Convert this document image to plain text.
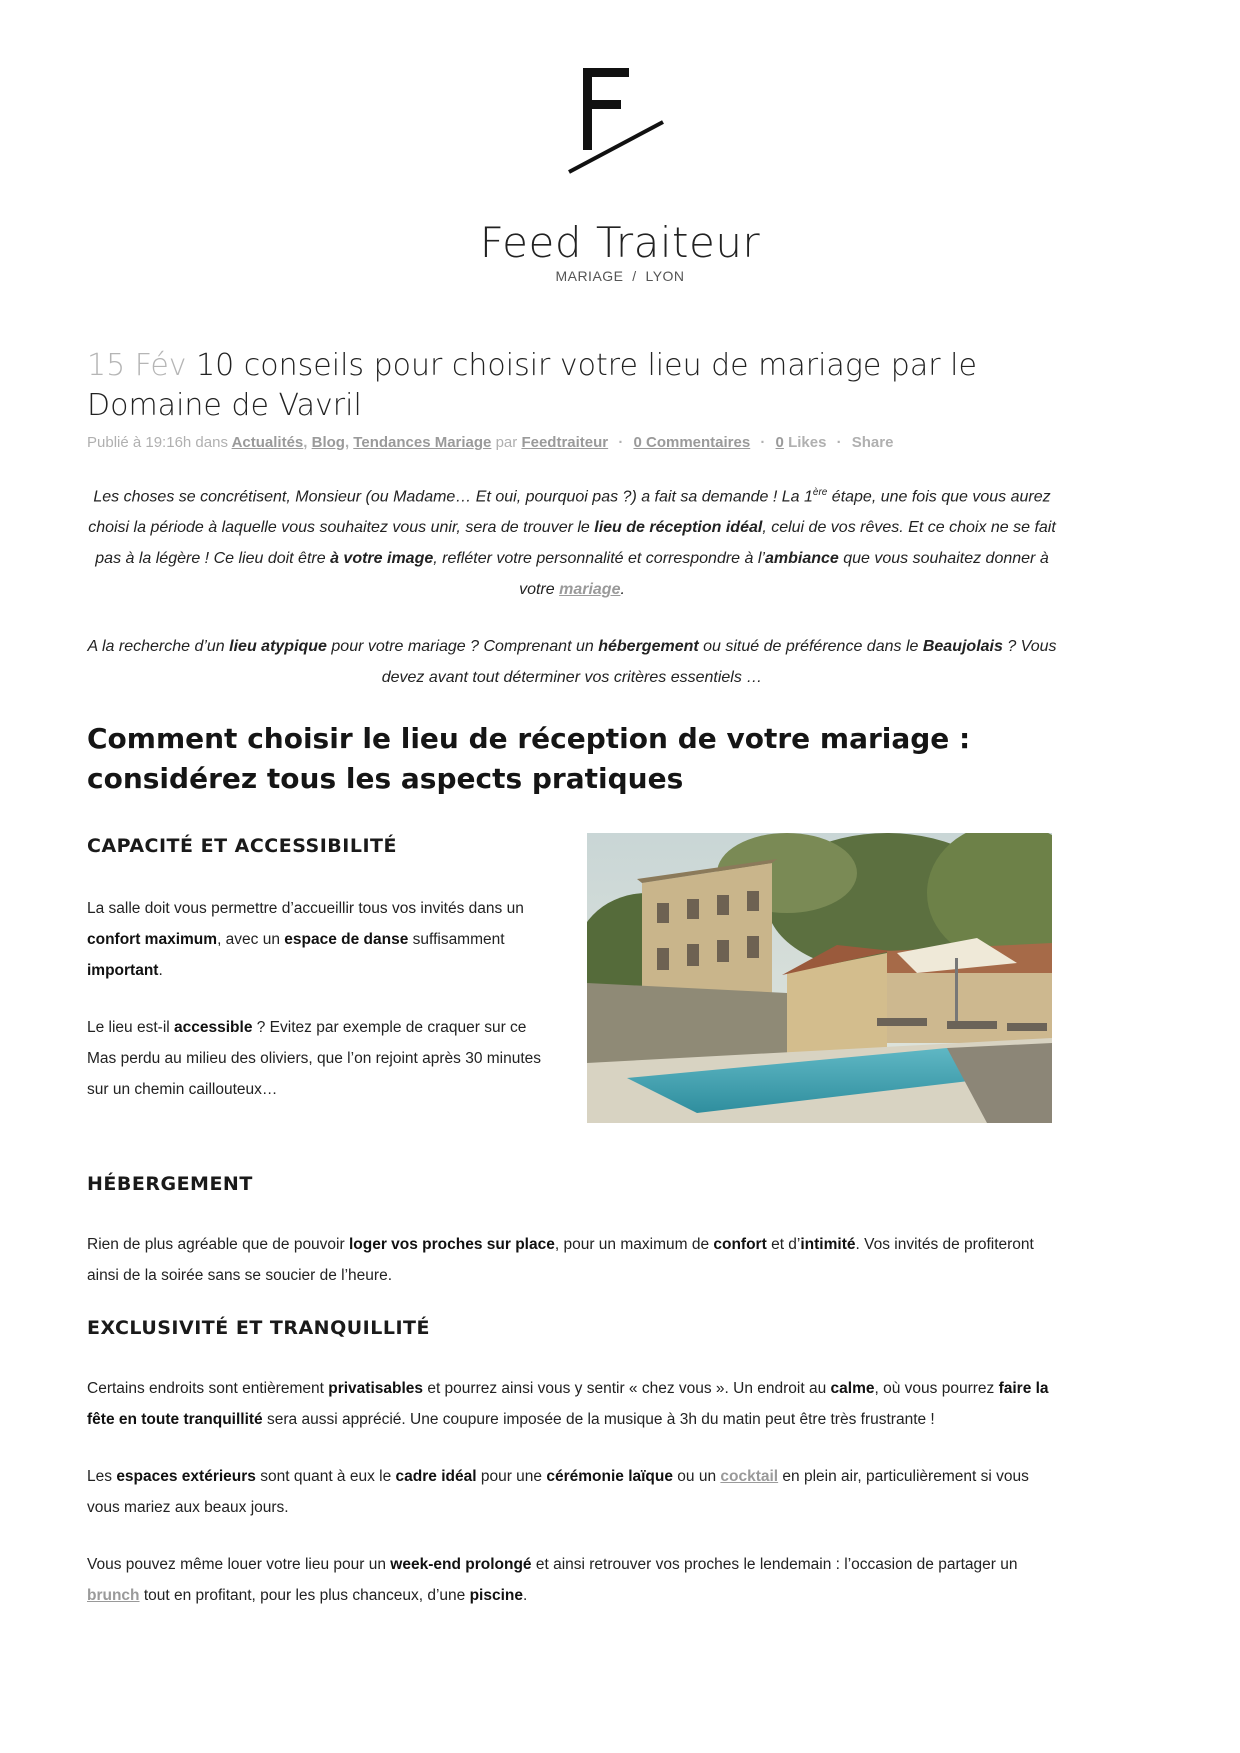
Feed Traiteur
MARIAGE  /  LYON
15 Fév 10 conseils pour choisir votre lieu de mariage par le Domaine de Vavril
Publié à 19:16h dans Actualités, Blog, Tendances Mariage par Feedtraiteur · 0 Commentaires · 0 Likes · Share

Les choses se concrétisent, Monsieur (ou Madame… Et oui, pourquoi pas ?) a fait sa demande ! La 1ère étape, une fois que vous aurez choisi la période à laquelle vous souhaitez vous unir, sera de trouver le lieu de réception idéal, celui de vos rêves. Et ce choix ne se fait pas à la légère ! Ce lieu doit être à votre image, refléter votre personnalité et correspondre à l’ambiance que vous souhaitez donner à votre mariage.

A la recherche d’un lieu atypique pour votre mariage ? Comprenant un hébergement ou situé de préférence dans le Beaujolais ? Vous devez avant tout déterminer vos critères essentiels …

Comment choisir le lieu de réception de votre mariage : considérez tous les aspects pratiques
CAPACITÉ ET ACCESSIBILITÉ

La salle doit vous permettre d’accueillir tous vos invités dans un confort maximum, avec un espace de danse suffisamment important.

Le lieu est-il accessible ? Evitez par exemple de craquer sur ce Mas perdu au milieu des oliviers, que l’on rejoint après 30 minutes sur un chemin caillouteux…

HÉBERGEMENT

Rien de plus agréable que de pouvoir loger vos proches sur place, pour un maximum de confort et d’intimité. Vos invités de profiteront ainsi de la soirée sans se soucier de l’heure.

EXCLUSIVITÉ ET TRANQUILLITÉ

Certains endroits sont entièrement privatisables et pourrez ainsi vous y sentir « chez vous ». Un endroit au calme, où vous pourrez faire la fête en toute tranquillité sera aussi apprécié. Une coupure imposée de la musique à 3h du matin peut être très frustrante !

Les espaces extérieurs sont quant à eux le cadre idéal pour une cérémonie laïque ou un cocktail en plein air, particulièrement si vous vous mariez aux beaux jours.

Vous pouvez même louer votre lieu pour un week-end prolongé et ainsi retrouver vos proches le lendemain : l’occasion de partager un brunch tout en profitant, pour les plus chanceux, d’une piscine.
